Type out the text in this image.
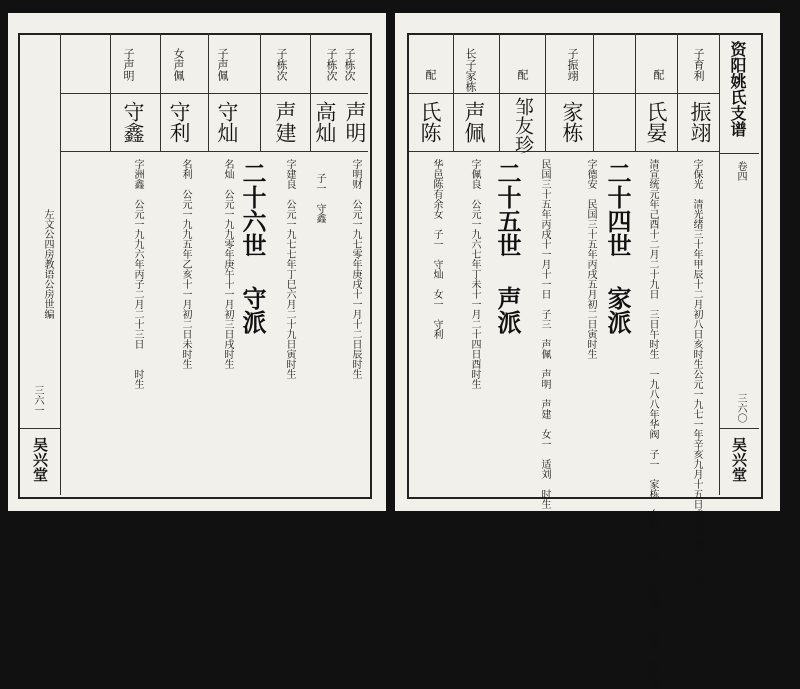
左文公四房教语公房世编
三六一
吴兴堂
子声明
守鑫
字洲鑫　公元一九九六年丙子二月二十三日　　时生
女声佩
守利
名利　公元一九九五年乙亥十一月初二日未时生
子声佩
守灿
名灿　公元一九九零年庚午十一月初三日戌时生 二十六世 守派
子栋次
声建
字建良　公元一九七七年丁巳六月二十九日寅时生
子栋次
高灿
子一　守鑫
子栋次
声明
字明财　公元一九七零年庚戌十一月十二日辰时生
资阳姚氏支谱
卷四
三六〇
吴兴堂
配
氏陈
华邑陈有余女　子一　守灿　女一　守利
长子家栋
声佩
字佩良　公元一九六七年丁未十一月二十四日酉时生 二十五世 声派
配
邹友珍
民国三十五年丙戌十一月十一日　子三　声佩　声明　声建　女一　适刘　时生
子振翊
家栋
字德安　民国三十五年丙戌五月初二日寅时生 二十四世 家派
配
氏晏
清宣统元年己酉十二月二十九日　三日午时生　一九八八年华阀　子一　家栋　女四　长适王　次适周　三适蔡　四适刘
子育利
振翊
字保光　清光绪三十年甲辰十二月初八日亥时生公元一九七一年辛亥九月十五日戌时卒寿六十八岁
